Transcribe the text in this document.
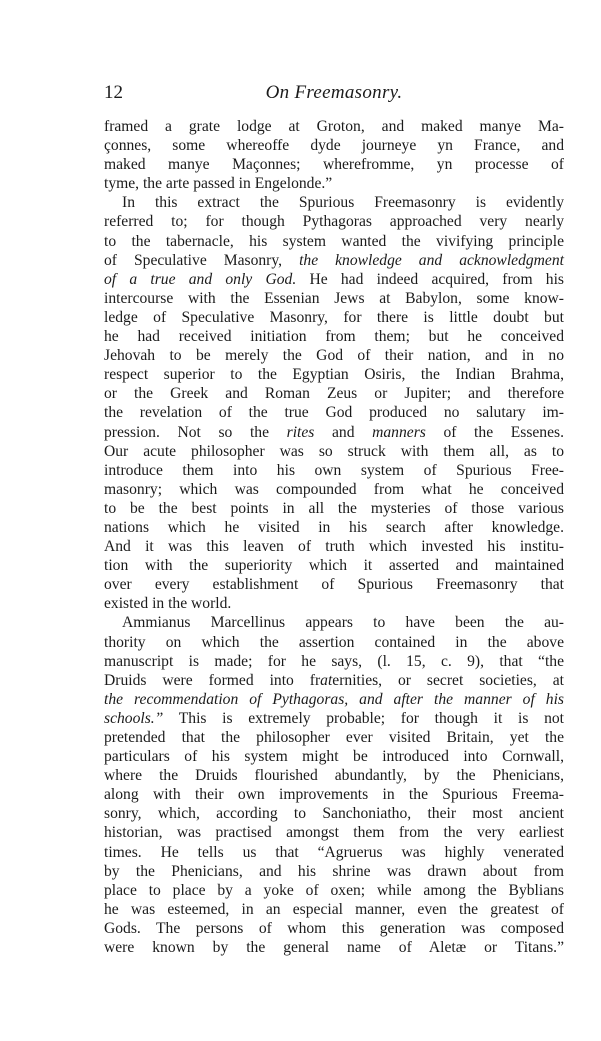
12	On Freemasonry.
framed a grate lodge at Groton, and maked manye Ma-
çonnes, some whereoffe dyde journeye yn France, and
maked manye Maçonnes; wherefromme, yn processe of
tyme, the arte passed in Engelonde.”
In this extract the Spurious Freemasonry is evidently
referred to; for though Pythagoras approached very nearly
to the tabernacle, his system wanted the vivifying principle
of Speculative Masonry, the knowledge and acknowledgment
of a true and only God. He had indeed acquired, from his
intercourse with the Essenian Jews at Babylon, some know-
ledge of Speculative Masonry, for there is little doubt but
he had received initiation from them; but he conceived
Jehovah to be merely the God of their nation, and in no
respect superior to the Egyptian Osiris, the Indian Brahma,
or the Greek and Roman Zeus or Jupiter; and therefore
the revelation of the true God produced no salutary im-
pression. Not so the rites and manners of the Essenes.
Our acute philosopher was so struck with them all, as to
introduce them into his own system of Spurious Free-
masonry; which was compounded from what he conceived
to be the best points in all the mysteries of those various
nations which he visited in his search after knowledge.
And it was this leaven of truth which invested his institu-
tion with the superiority which it asserted and maintained
over every establishment of Spurious Freemasonry that
existed in the world.
Ammianus Marcellinus appears to have been the au-
thority on which the assertion contained in the above
manuscript is made; for he says, (l. 15, c. 9), that “the
Druids were formed into fraternities, or secret societies, at
the recommendation of Pythagoras, and after the manner of his
schools.” This is extremely probable; for though it is not
pretended that the philosopher ever visited Britain, yet the
particulars of his system might be introduced into Cornwall,
where the Druids flourished abundantly, by the Phenicians,
along with their own improvements in the Spurious Freema-
sonry, which, according to Sanchoniatho, their most ancient
historian, was practised amongst them from the very earliest
times. He tells us that “Agruerus was highly venerated
by the Phenicians, and his shrine was drawn about from
place to place by a yoke of oxen; while among the Byblians
he was esteemed, in an especial manner, even the greatest of
Gods. The persons of whom this generation was composed
were known by the general name of Aletæ or Titans.”
